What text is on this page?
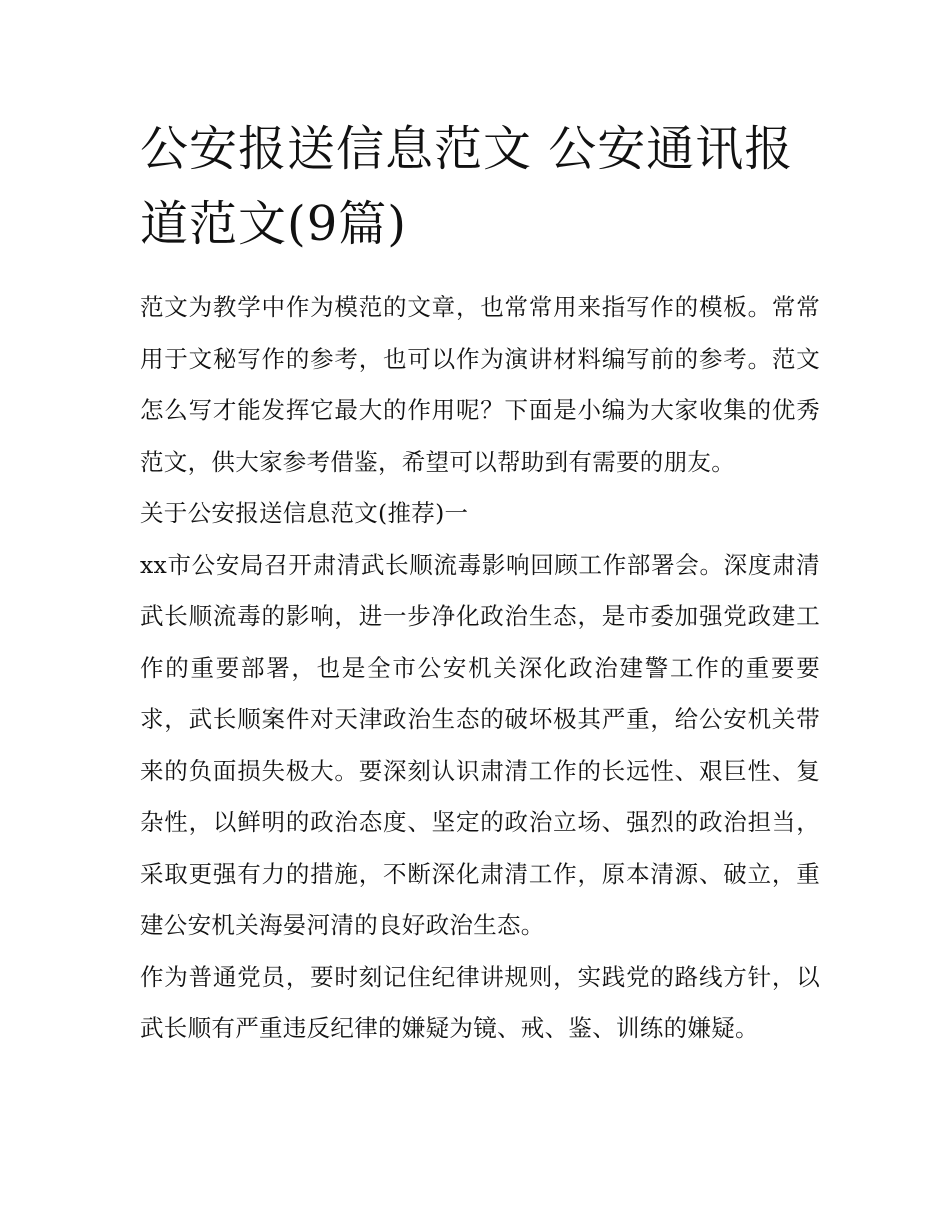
公安报送信息范文 公安通讯报道范文(9篇)

范文为教学中作为模范的文章，也常常用来指写作的模板。常常用于文秘写作的参考，也可以作为演讲材料编写前的参考。范文怎么写才能发挥它最大的作用呢？下面是小编为大家收集的优秀范文，供大家参考借鉴，希望可以帮助到有需要的朋友。

关于公安报送信息范文(推荐)一

xx市公安局召开肃清武长顺流毒影响回顾工作部署会。深度肃清武长顺流毒的影响，进一步净化政治生态，是市委加强党政建工作的重要部署，也是全市公安机关深化政治建警工作的重要要求，武长顺案件对天津政治生态的破坏极其严重，给公安机关带来的负面损失极大。要深刻认识肃清工作的长远性、艰巨性、复杂性，以鲜明的政治态度、坚定的政治立场、强烈的政治担当，采取更强有力的措施，不断深化肃清工作，原本清源、破立，重建公安机关海晏河清的良好政治生态。

作为普通党员，要时刻记住纪律讲规则，实践党的路线方针，以武长顺有严重违反纪律的嫌疑为镜、戒、鉴、训练的嫌疑。
